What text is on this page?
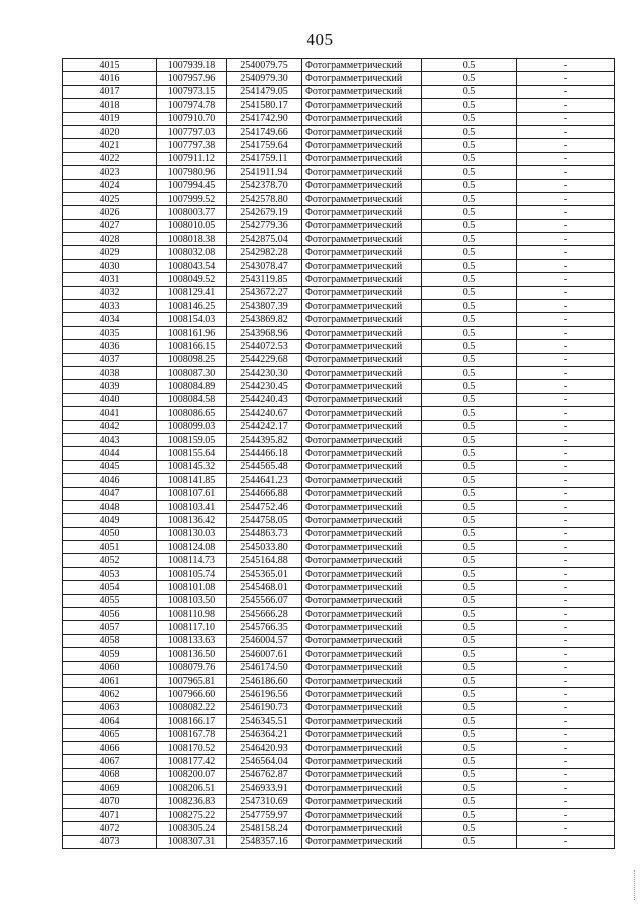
405
4015	1007939.18	2540079.75	Фотограмметрический	0.5	-
4016	1007957.96	2540979.30	Фотограмметрический	0.5	-
4017	1007973.15	2541479.05	Фотограмметрический	0.5	-
4018	1007974.78	2541580.17	Фотограмметрический	0.5	-
4019	1007910.70	2541742.90	Фотограмметрический	0.5	-
4020	1007797.03	2541749.66	Фотограмметрический	0.5	-
4021	1007797.38	2541759.64	Фотограмметрический	0.5	-
4022	1007911.12	2541759.11	Фотограмметрический	0.5	-
4023	1007980.96	2541911.94	Фотограмметрический	0.5	-
4024	1007994.45	2542378.70	Фотограмметрический	0.5	-
4025	1007999.52	2542578.80	Фотограмметрический	0.5	-
4026	1008003.77	2542679.19	Фотограмметрический	0.5	-
4027	1008010.05	2542779.36	Фотограмметрический	0.5	-
4028	1008018.38	2542875.04	Фотограмметрический	0.5	-
4029	1008032.08	2542982.28	Фотограмметрический	0.5	-
4030	1008043.54	2543078.47	Фотограмметрический	0.5	-
4031	1008049.52	2543119.85	Фотограмметрический	0.5	-
4032	1008129.41	2543672.27	Фотограмметрический	0.5	-
4033	1008146.25	2543807.39	Фотограмметрический	0.5	-
4034	1008154.03	2543869.82	Фотограмметрический	0.5	-
4035	1008161.96	2543968.96	Фотограмметрический	0.5	-
4036	1008166.15	2544072.53	Фотограмметрический	0.5	-
4037	1008098.25	2544229.68	Фотограмметрический	0.5	-
4038	1008087.30	2544230.30	Фотограмметрический	0.5	-
4039	1008084.89	2544230.45	Фотограмметрический	0.5	-
4040	1008084.58	2544240.43	Фотограмметрический	0.5	-
4041	1008086.65	2544240.67	Фотограмметрический	0.5	-
4042	1008099.03	2544242.17	Фотограмметрический	0.5	-
4043	1008159.05	2544395.82	Фотограмметрический	0.5	-
4044	1008155.64	2544466.18	Фотограмметрический	0.5	-
4045	1008145.32	2544565.48	Фотограмметрический	0.5	-
4046	1008141.85	2544641.23	Фотограмметрический	0.5	-
4047	1008107.61	2544666.88	Фотограмметрический	0.5	-
4048	1008103.41	2544752.46	Фотограмметрический	0.5	-
4049	1008136.42	2544758.05	Фотограмметрический	0.5	-
4050	1008130.03	2544863.73	Фотограмметрический	0.5	-
4051	1008124.08	2545033.80	Фотограмметрический	0.5	-
4052	1008114.73	2545164.88	Фотограмметрический	0.5	-
4053	1008105.74	2545365.01	Фотограмметрический	0.5	-
4054	1008101.08	2545468.01	Фотограмметрический	0.5	-
4055	1008103.50	2545566.07	Фотограмметрический	0.5	-
4056	1008110.98	2545666.28	Фотограмметрический	0.5	-
4057	1008117.10	2545766.35	Фотограмметрический	0.5	-
4058	1008133.63	2546004.57	Фотограмметрический	0.5	-
4059	1008136.50	2546007.61	Фотограмметрический	0.5	-
4060	1008079.76	2546174.50	Фотограмметрический	0.5	-
4061	1007965.81	2546186.60	Фотограмметрический	0.5	-
4062	1007966.60	2546196.56	Фотограмметрический	0.5	-
4063	1008082.22	2546190.73	Фотограмметрический	0.5	-
4064	1008166.17	2546345.51	Фотограмметрический	0.5	-
4065	1008167.78	2546364.21	Фотограмметрический	0.5	-
4066	1008170.52	2546420.93	Фотограмметрический	0.5	-
4067	1008177.42	2546564.04	Фотограмметрический	0.5	-
4068	1008200.07	2546762.87	Фотограмметрический	0.5	-
4069	1008206.51	2546933.91	Фотограмметрический	0.5	-
4070	1008236.83	2547310.69	Фотограмметрический	0.5	-
4071	1008275.22	2547759.97	Фотограмметрический	0.5	-
4072	1008305.24	2548158.24	Фотограмметрический	0.5	-
4073	1008307.31	2548357.16	Фотограмметрический	0.5	-
